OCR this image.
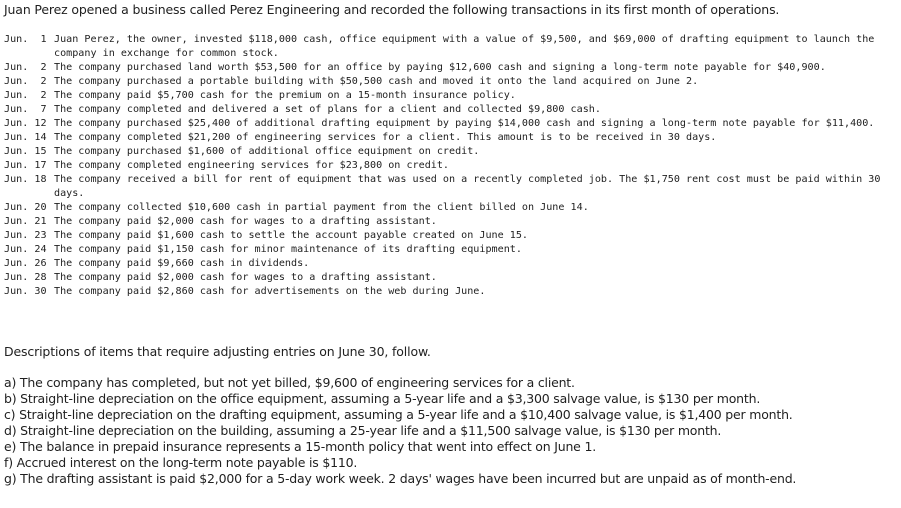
Juan Perez opened a business called Perez Engineering and recorded the following transactions in its first month of operations.
Jun.  1 Juan Perez, the owner, invested $118,000 cash, office equipment with a value of $9,500, and $69,000 of drafting equipment to launch the company in exchange for common stock.
Jun.  2 The company purchased land worth $53,500 for an office by paying $12,600 cash and signing a long-term note payable for $40,900.
Jun.  2 The company purchased a portable building with $50,500 cash and moved it onto the land acquired on June 2.
Jun.  2 The company paid $5,700 cash for the premium on a 15-month insurance policy.
Jun.  7 The company completed and delivered a set of plans for a client and collected $9,800 cash.
Jun. 12 The company purchased $25,400 of additional drafting equipment by paying $14,000 cash and signing a long-term note payable for $11,400.
Jun. 14 The company completed $21,200 of engineering services for a client. This amount is to be received in 30 days.
Jun. 15 The company purchased $1,600 of additional office equipment on credit.
Jun. 17 The company completed engineering services for $23,800 on credit.
Jun. 18 The company received a bill for rent of equipment that was used on a recently completed job. The $1,750 rent cost must be paid within 30 days.
Jun. 20 The company collected $10,600 cash in partial payment from the client billed on June 14.
Jun. 21 The company paid $2,000 cash for wages to a drafting assistant.
Jun. 23 The company paid $1,600 cash to settle the account payable created on June 15.
Jun. 24 The company paid $1,150 cash for minor maintenance of its drafting equipment.
Jun. 26 The company paid $9,660 cash in dividends.
Jun. 28 The company paid $2,000 cash for wages to a drafting assistant.
Jun. 30 The company paid $2,860 cash for advertisements on the web during June.
Descriptions of items that require adjusting entries on June 30, follow.
a) The company has completed, but not yet billed, $9,600 of engineering services for a client.
b) Straight-line depreciation on the office equipment, assuming a 5-year life and a $3,300 salvage value, is $130 per month.
c) Straight-line depreciation on the drafting equipment, assuming a 5-year life and a $10,400 salvage value, is $1,400 per month.
d) Straight-line depreciation on the building, assuming a 25-year life and a $11,500 salvage value, is $130 per month.
e) The balance in prepaid insurance represents a 15-month policy that went into effect on June 1.
f) Accrued interest on the long-term note payable is $110.
g) The drafting assistant is paid $2,000 for a 5-day work week. 2 days' wages have been incurred but are unpaid as of month-end.
